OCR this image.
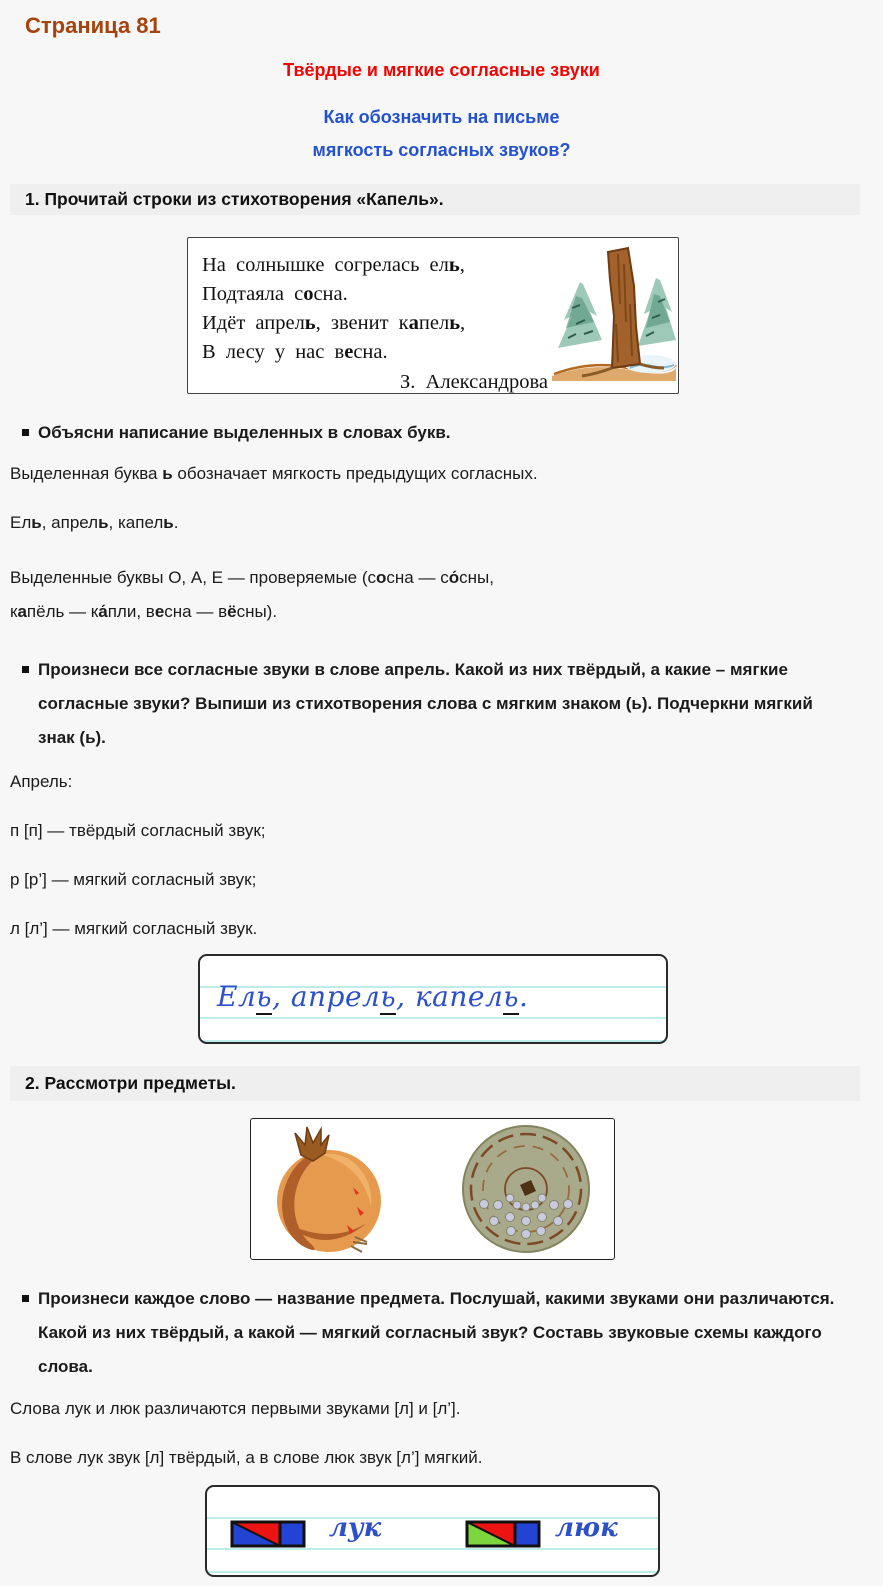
Страница 81
Твёрдые и мягкие согласные звуки
Как обозначить на письме
мягкость согласных звуков?
1. Прочитай строки из стихотворения «Капель».
На солнышке согрелась ель,
Подтаяла сосна.
Идёт апрель, звенит капель,
В лесу у нас весна.
З. Александрова
Объясни написание выделенных в словах букв.
Выделенная буква ь обозначает мягкость предыдущих согласных.
Ель, апрель, капель.
Выделенные буквы О, А, Е — проверяемые (сосна — со́сны,
капёль — ка́пли, весна — вёсны).
Произнеси все согласные звуки в слове апрель. Какой из них твёрдый, а какие – мягкие согласные звуки? Выпиши из стихотворения слова с мягким знаком (ь). Подчеркни мягкий знак (ь).
Апрель:
п [п] — твёрдый согласный звук;
р [р’] — мягкий согласный звук;
л [л’] — мягкий согласный звук.
Ель, апрель, капель.
2. Рассмотри предметы.
Произнеси каждое слово — название предмета. Послушай, какими звуками они различаются. Какой из них твёрдый, а какой — мягкий согласный звук? Составь звуковые схемы каждого слова.
Слова лук и люк различаются первыми звуками [л] и [л’].
В слове лук звук [л] твёрдый, а в слове люк звук [л’] мягкий.
лук	люк
